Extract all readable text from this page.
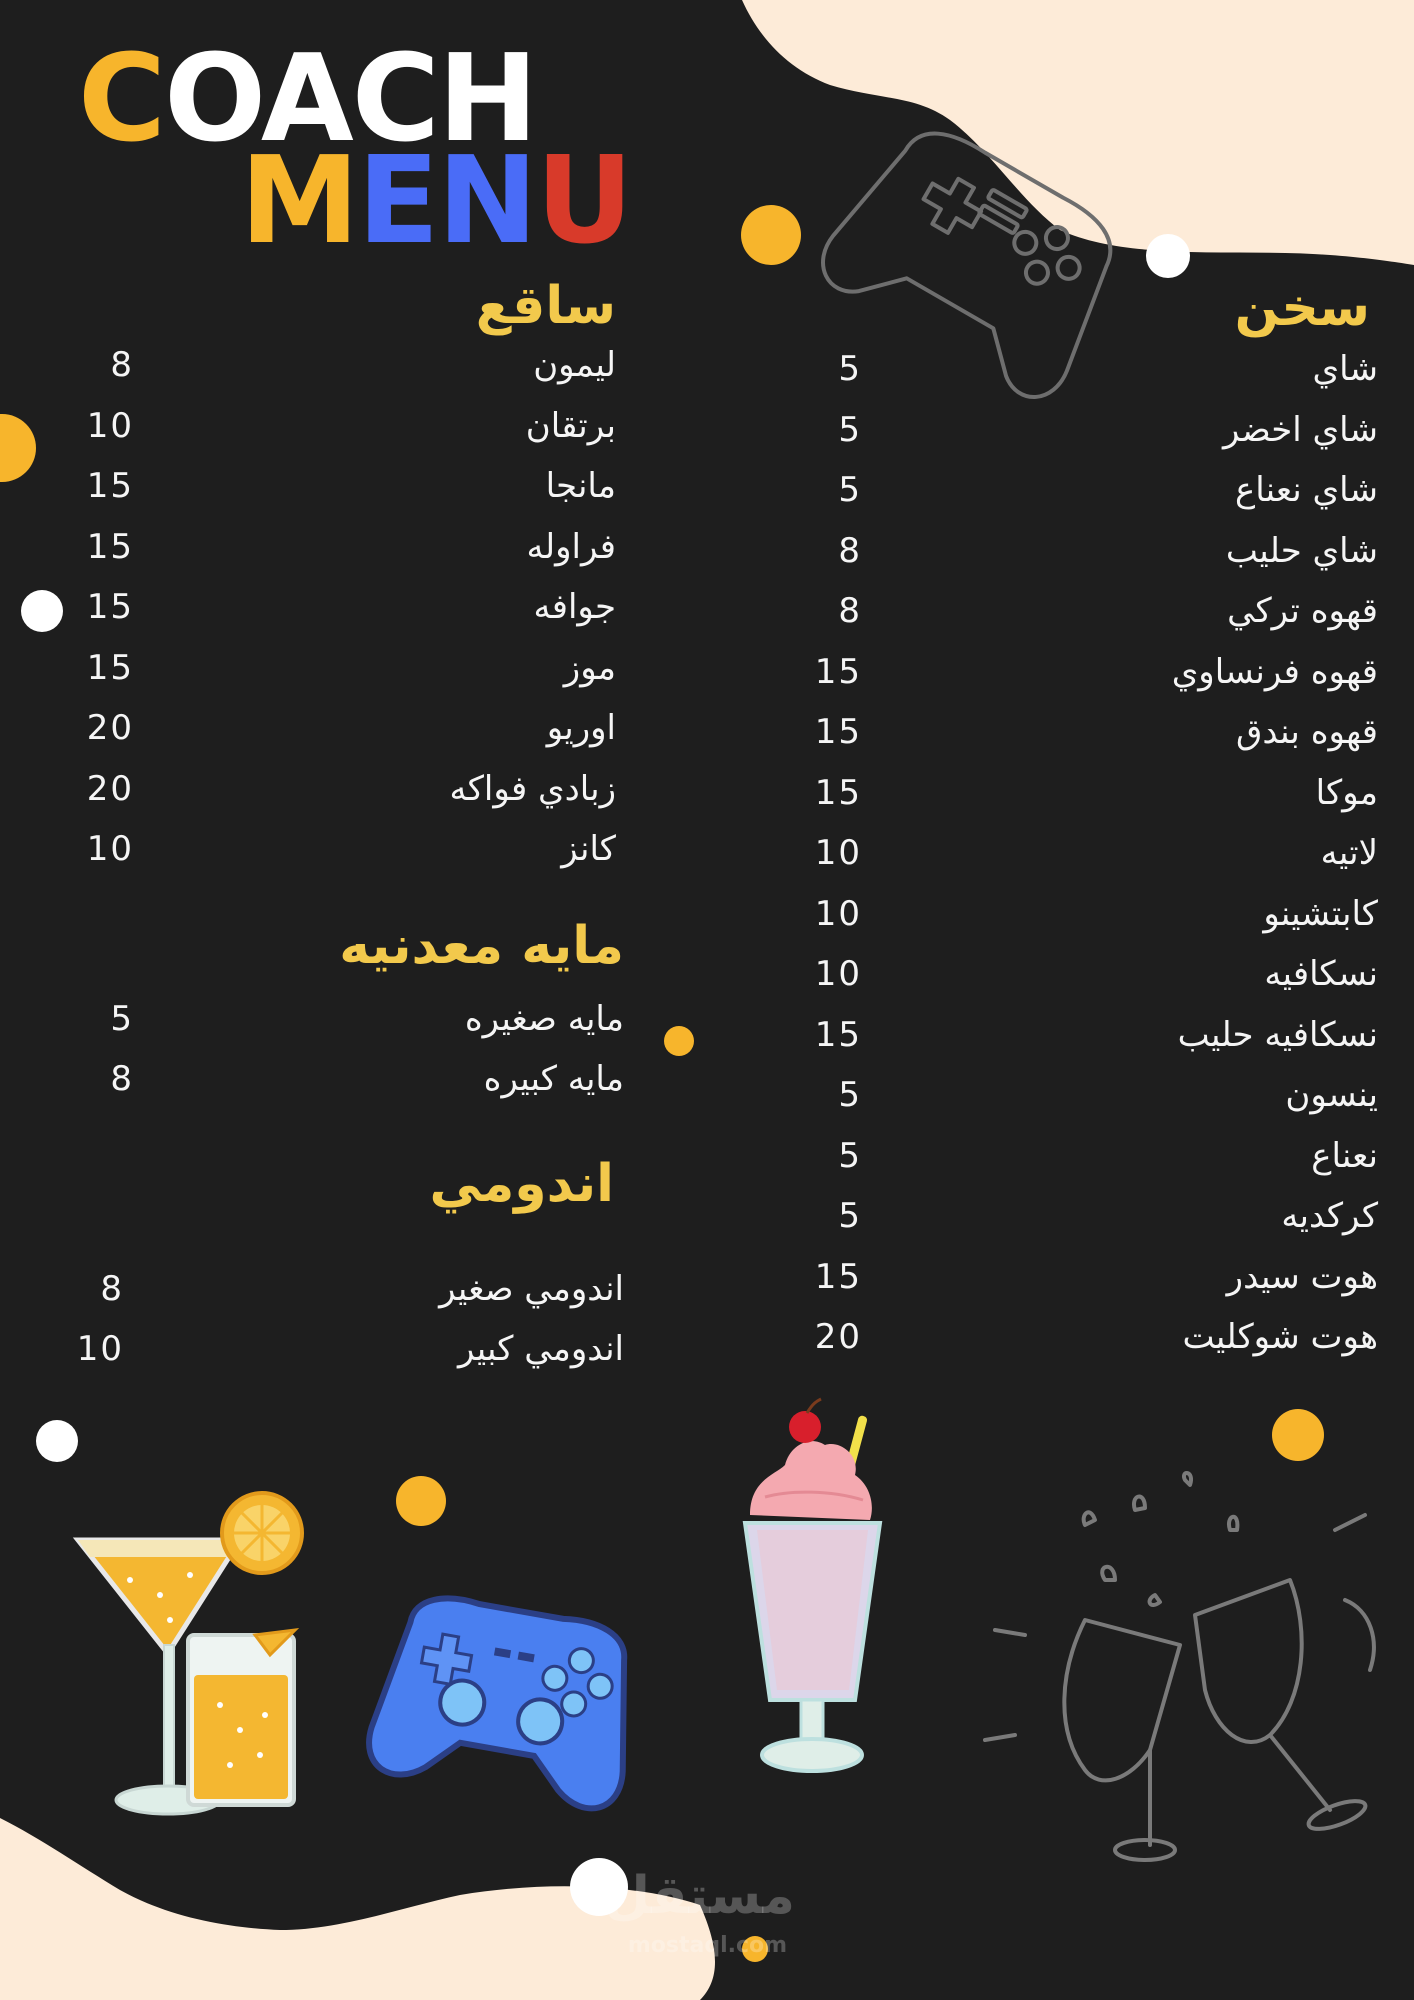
COACH
MENU
سخن
شاي
5
شاي اخضر
5
شاي نعناع
5
شاي حليب
8
قهوه تركي
8
قهوه فرنساوي
15
قهوه بندق
15
موكا
15
لاتيه
10
كابتشينو
10
نسكافيه
10
نسكافيه حليب
15
ينسون
5
نعناع
5
كركديه
5
هوت سيدر
15
هوت شوكليت
20
ساقع
ليمون
8
برتقان
10
مانجا
15
فراوله
15
جوافه
15
موز
15
اوريو
20
زبادي فواكه
20
كانز
10
مايه معدنيه
مايه صغيره
5
مايه كبيره
8
اندومي
اندومي صغير
8
اندومي كبير
10
مستقل
mostaql.com
